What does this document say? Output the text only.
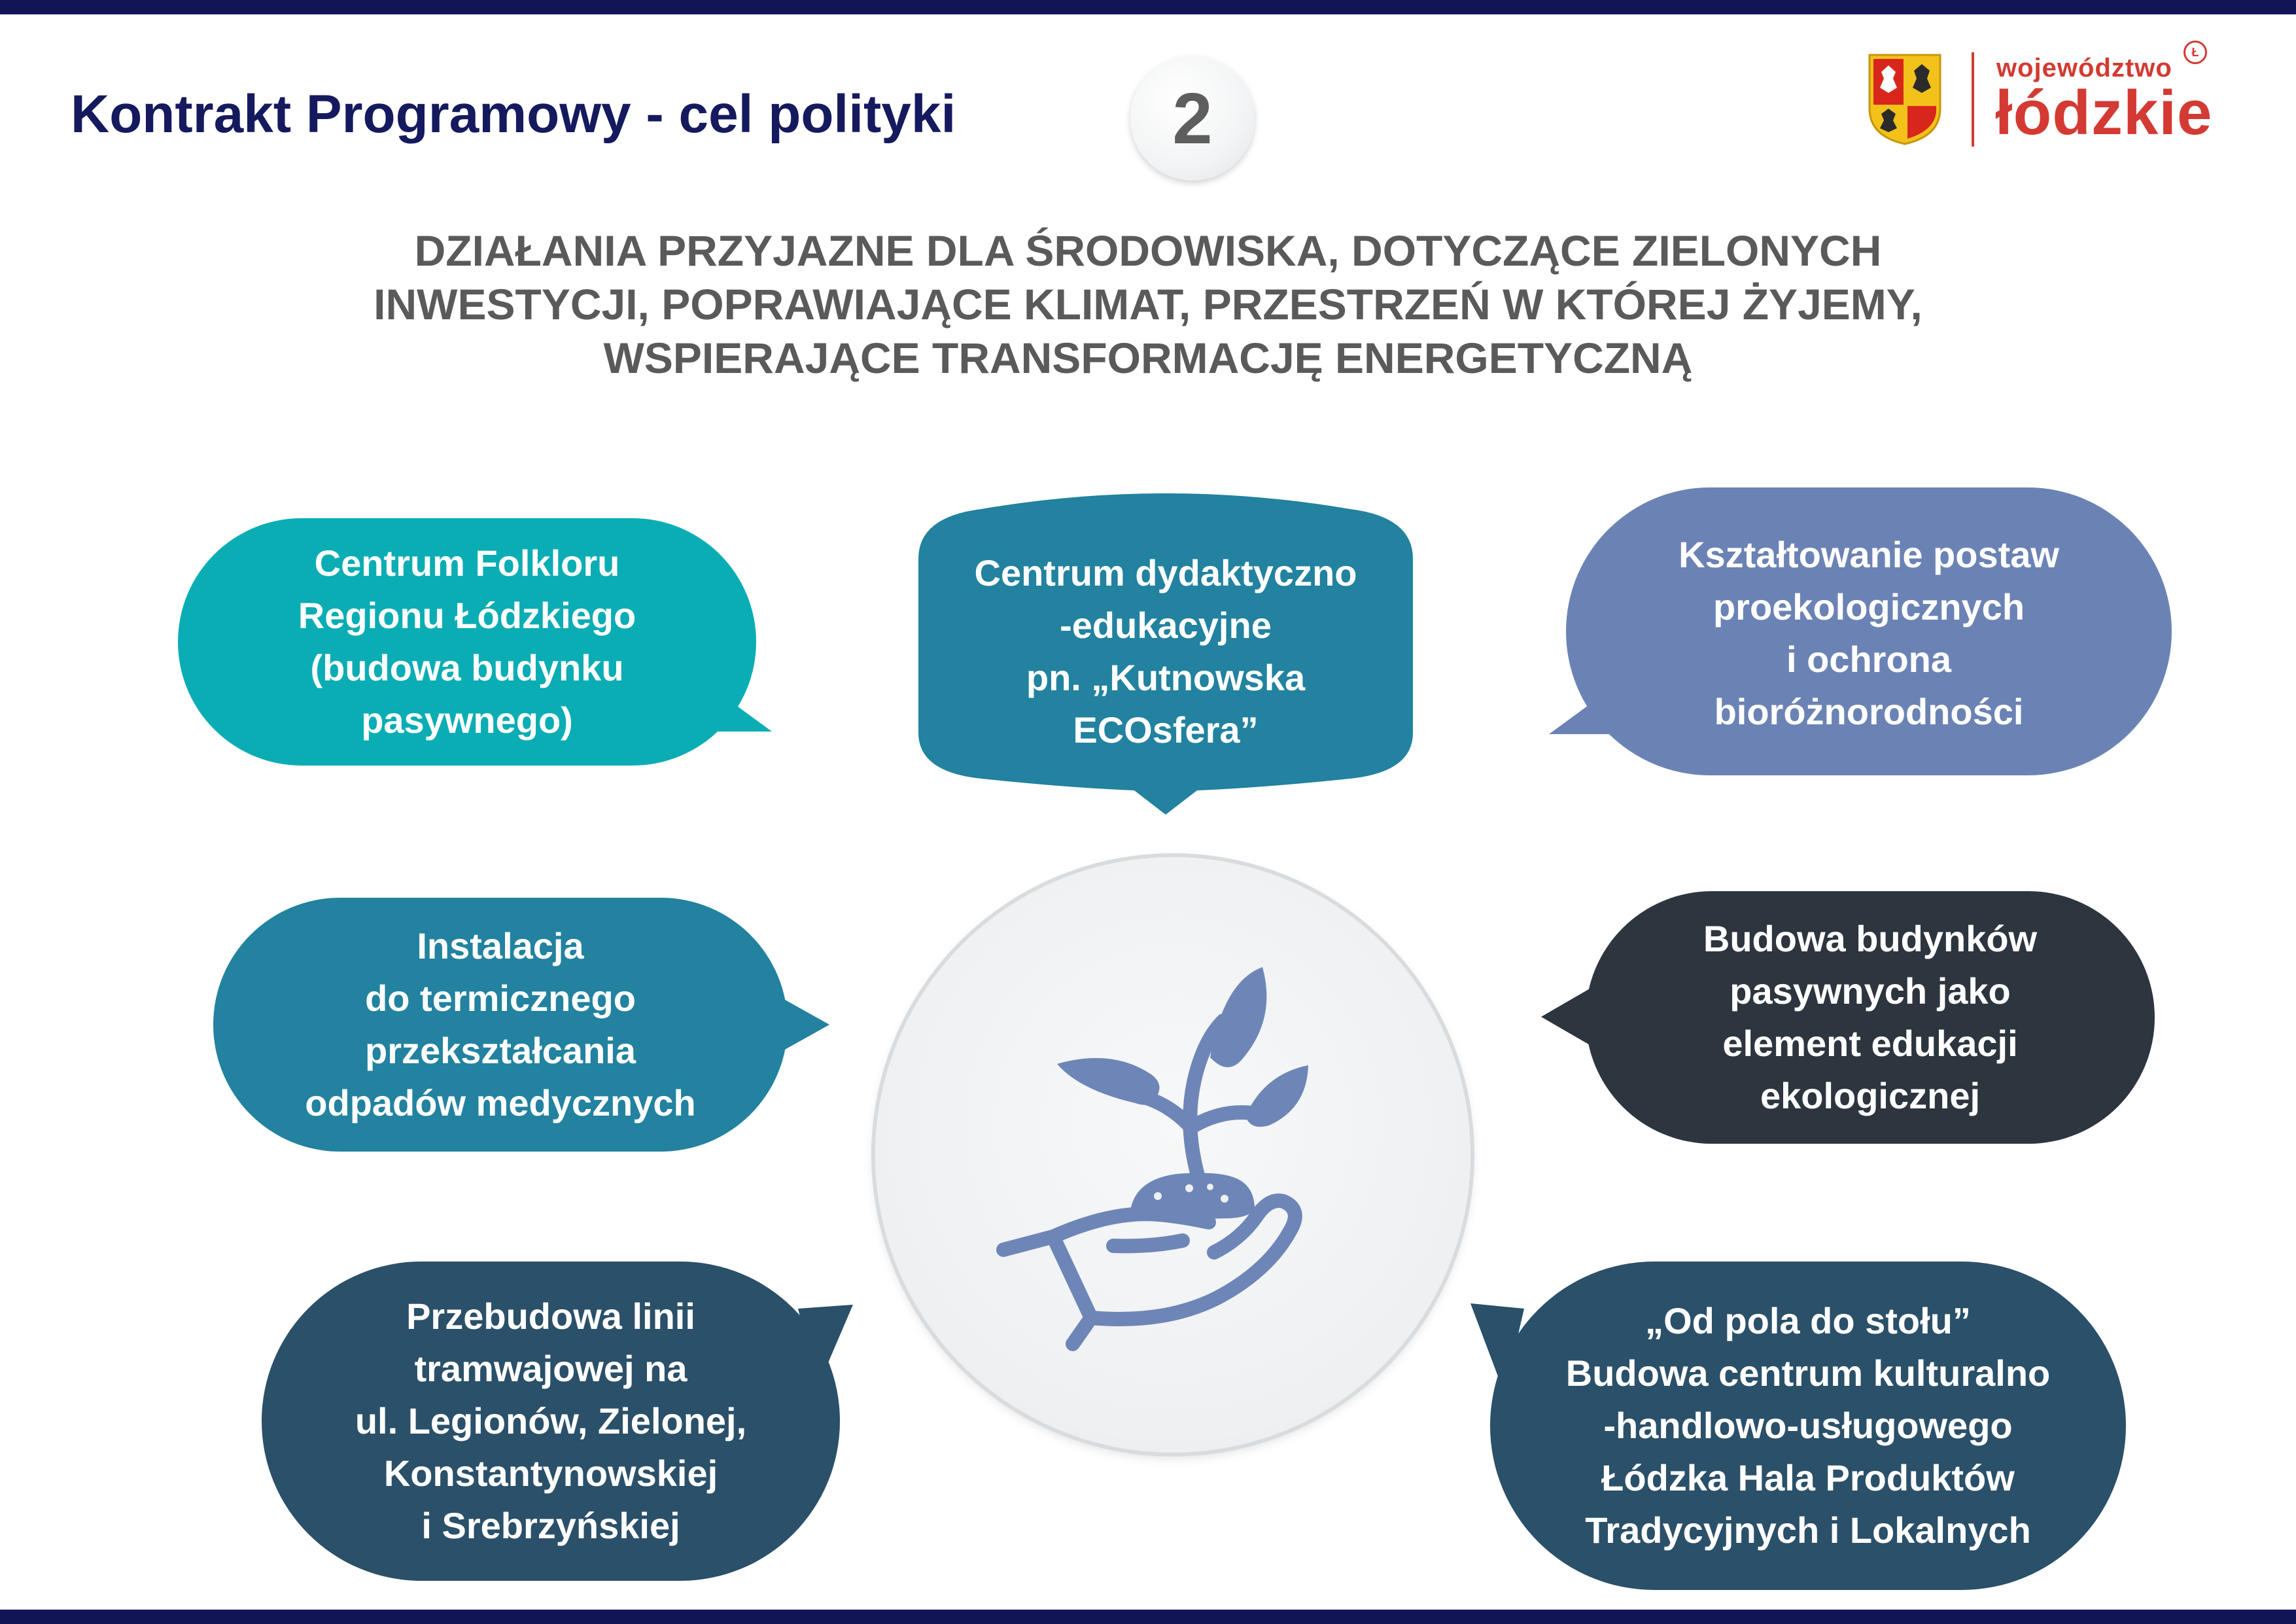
Kontrakt Programowy - cel polityki	2
województwo
łódzkie
Ł
DZIAŁANIA PRZYJAZNE DLA ŚRODOWISKA, DOTYCZĄCE ZIELONYCH
INWESTYCJI, POPRAWIAJĄCE KLIMAT, PRZESTRZEŃ W KTÓREJ ŻYJEMY,
WSPIERAJĄCE TRANSFORMACJĘ ENERGETYCZNĄ
Centrum Folkloru
Regionu Łódzkiego
(budowa budynku
pasywnego)
Centrum dydaktyczno
-edukacyjne
pn. „Kutnowska
ECOsfera”
Kształtowanie postaw
proekologicznych
i ochrona
bioróżnorodności
Instalacja
do termicznego
przekształcania
odpadów medycznych
Budowa budynków
pasywnych jako
element edukacji
ekologicznej
Przebudowa linii
tramwajowej na
ul. Legionów, Zielonej,
Konstantynowskiej
i Srebrzyńskiej
„Od pola do stołu”
Budowa centrum kulturalno
-handlowo-usługowego
Łódzka Hala Produktów
Tradycyjnych i Lokalnych
